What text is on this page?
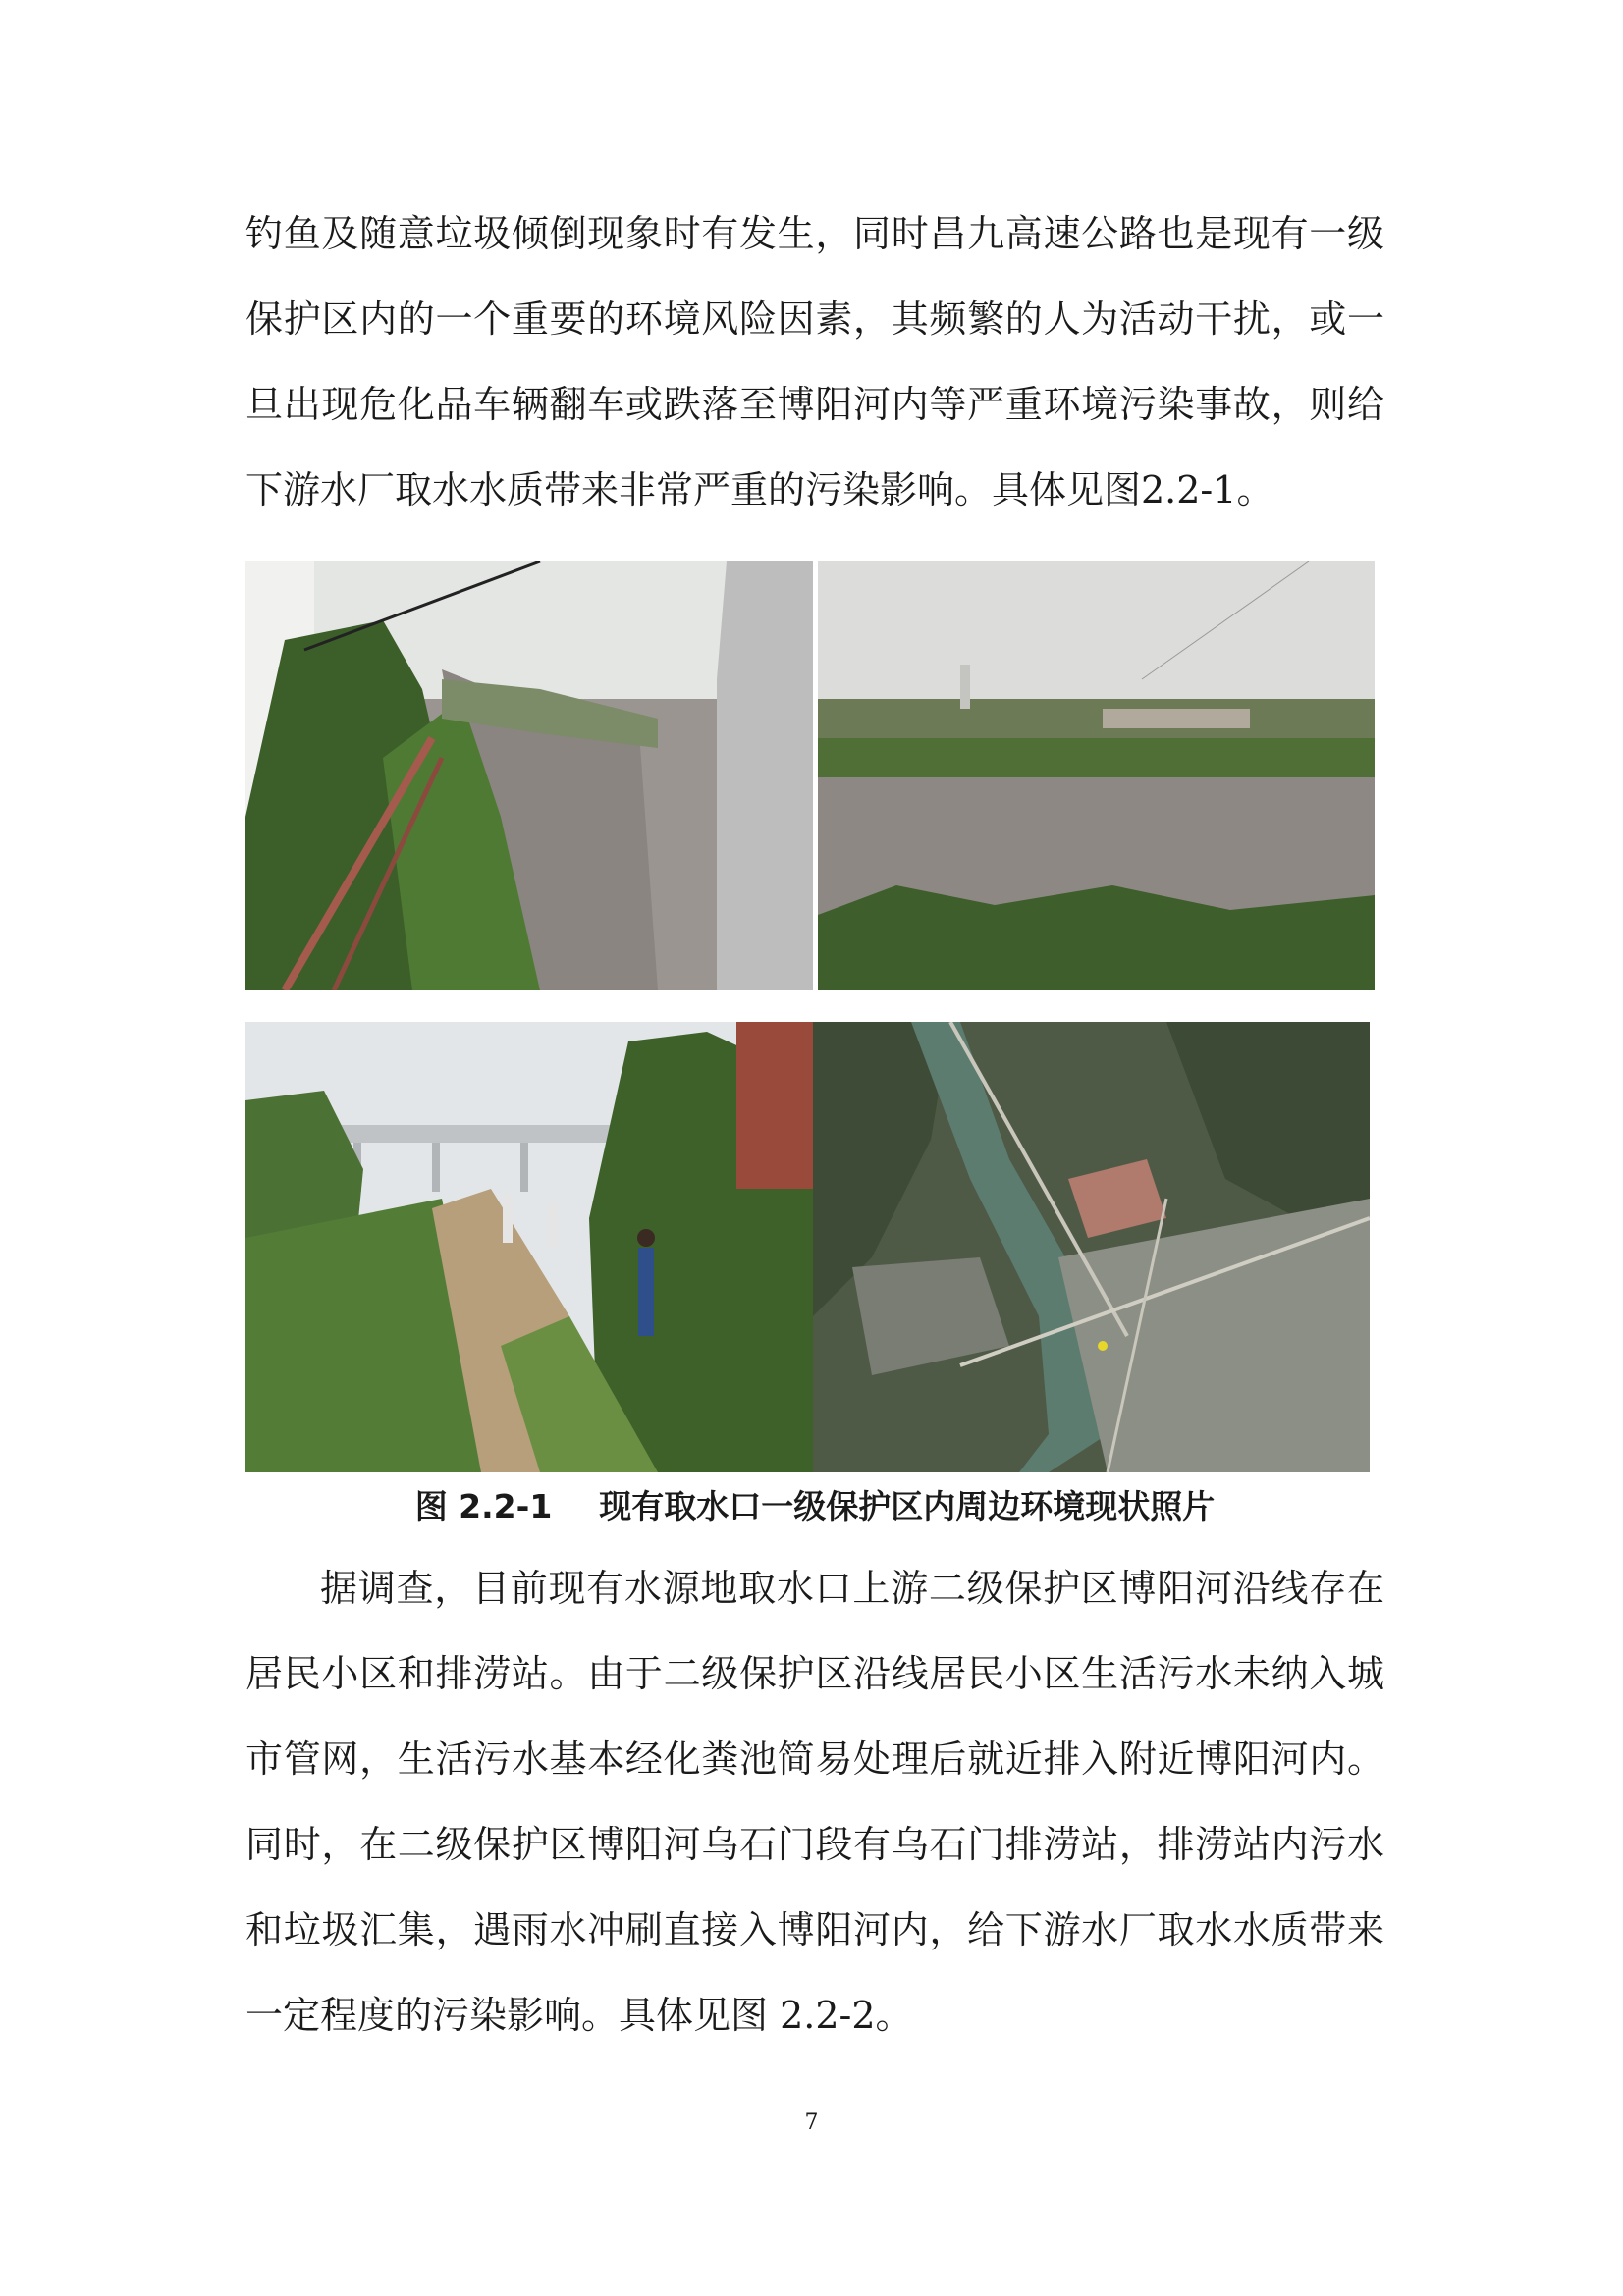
钓鱼及随意垃圾倾倒现象时有发生，同时昌九高速公路也是现有一级保护区内的一个重要的环境风险因素，其频繁的人为活动干扰，或一旦出现危化品车辆翻车或跌落至博阳河内等严重环境污染事故，则给下游水厂取水水质带来非常严重的污染影响。具体见图2.2-1。

图 2.2-1 现有取水口一级保护区内周边环境现状照片

据调查，目前现有水源地取水口上游二级保护区博阳河沿线存在居民小区和排涝站。由于二级保护区沿线居民小区生活污水未纳入城市管网，生活污水基本经化粪池简易处理后就近排入附近博阳河内。同时，在二级保护区博阳河乌石门段有乌石门排涝站，排涝站内污水和垃圾汇集，遇雨水冲刷直接入博阳河内，给下游水厂取水水质带来一定程度的污染影响。具体见图 2.2-2。

7
